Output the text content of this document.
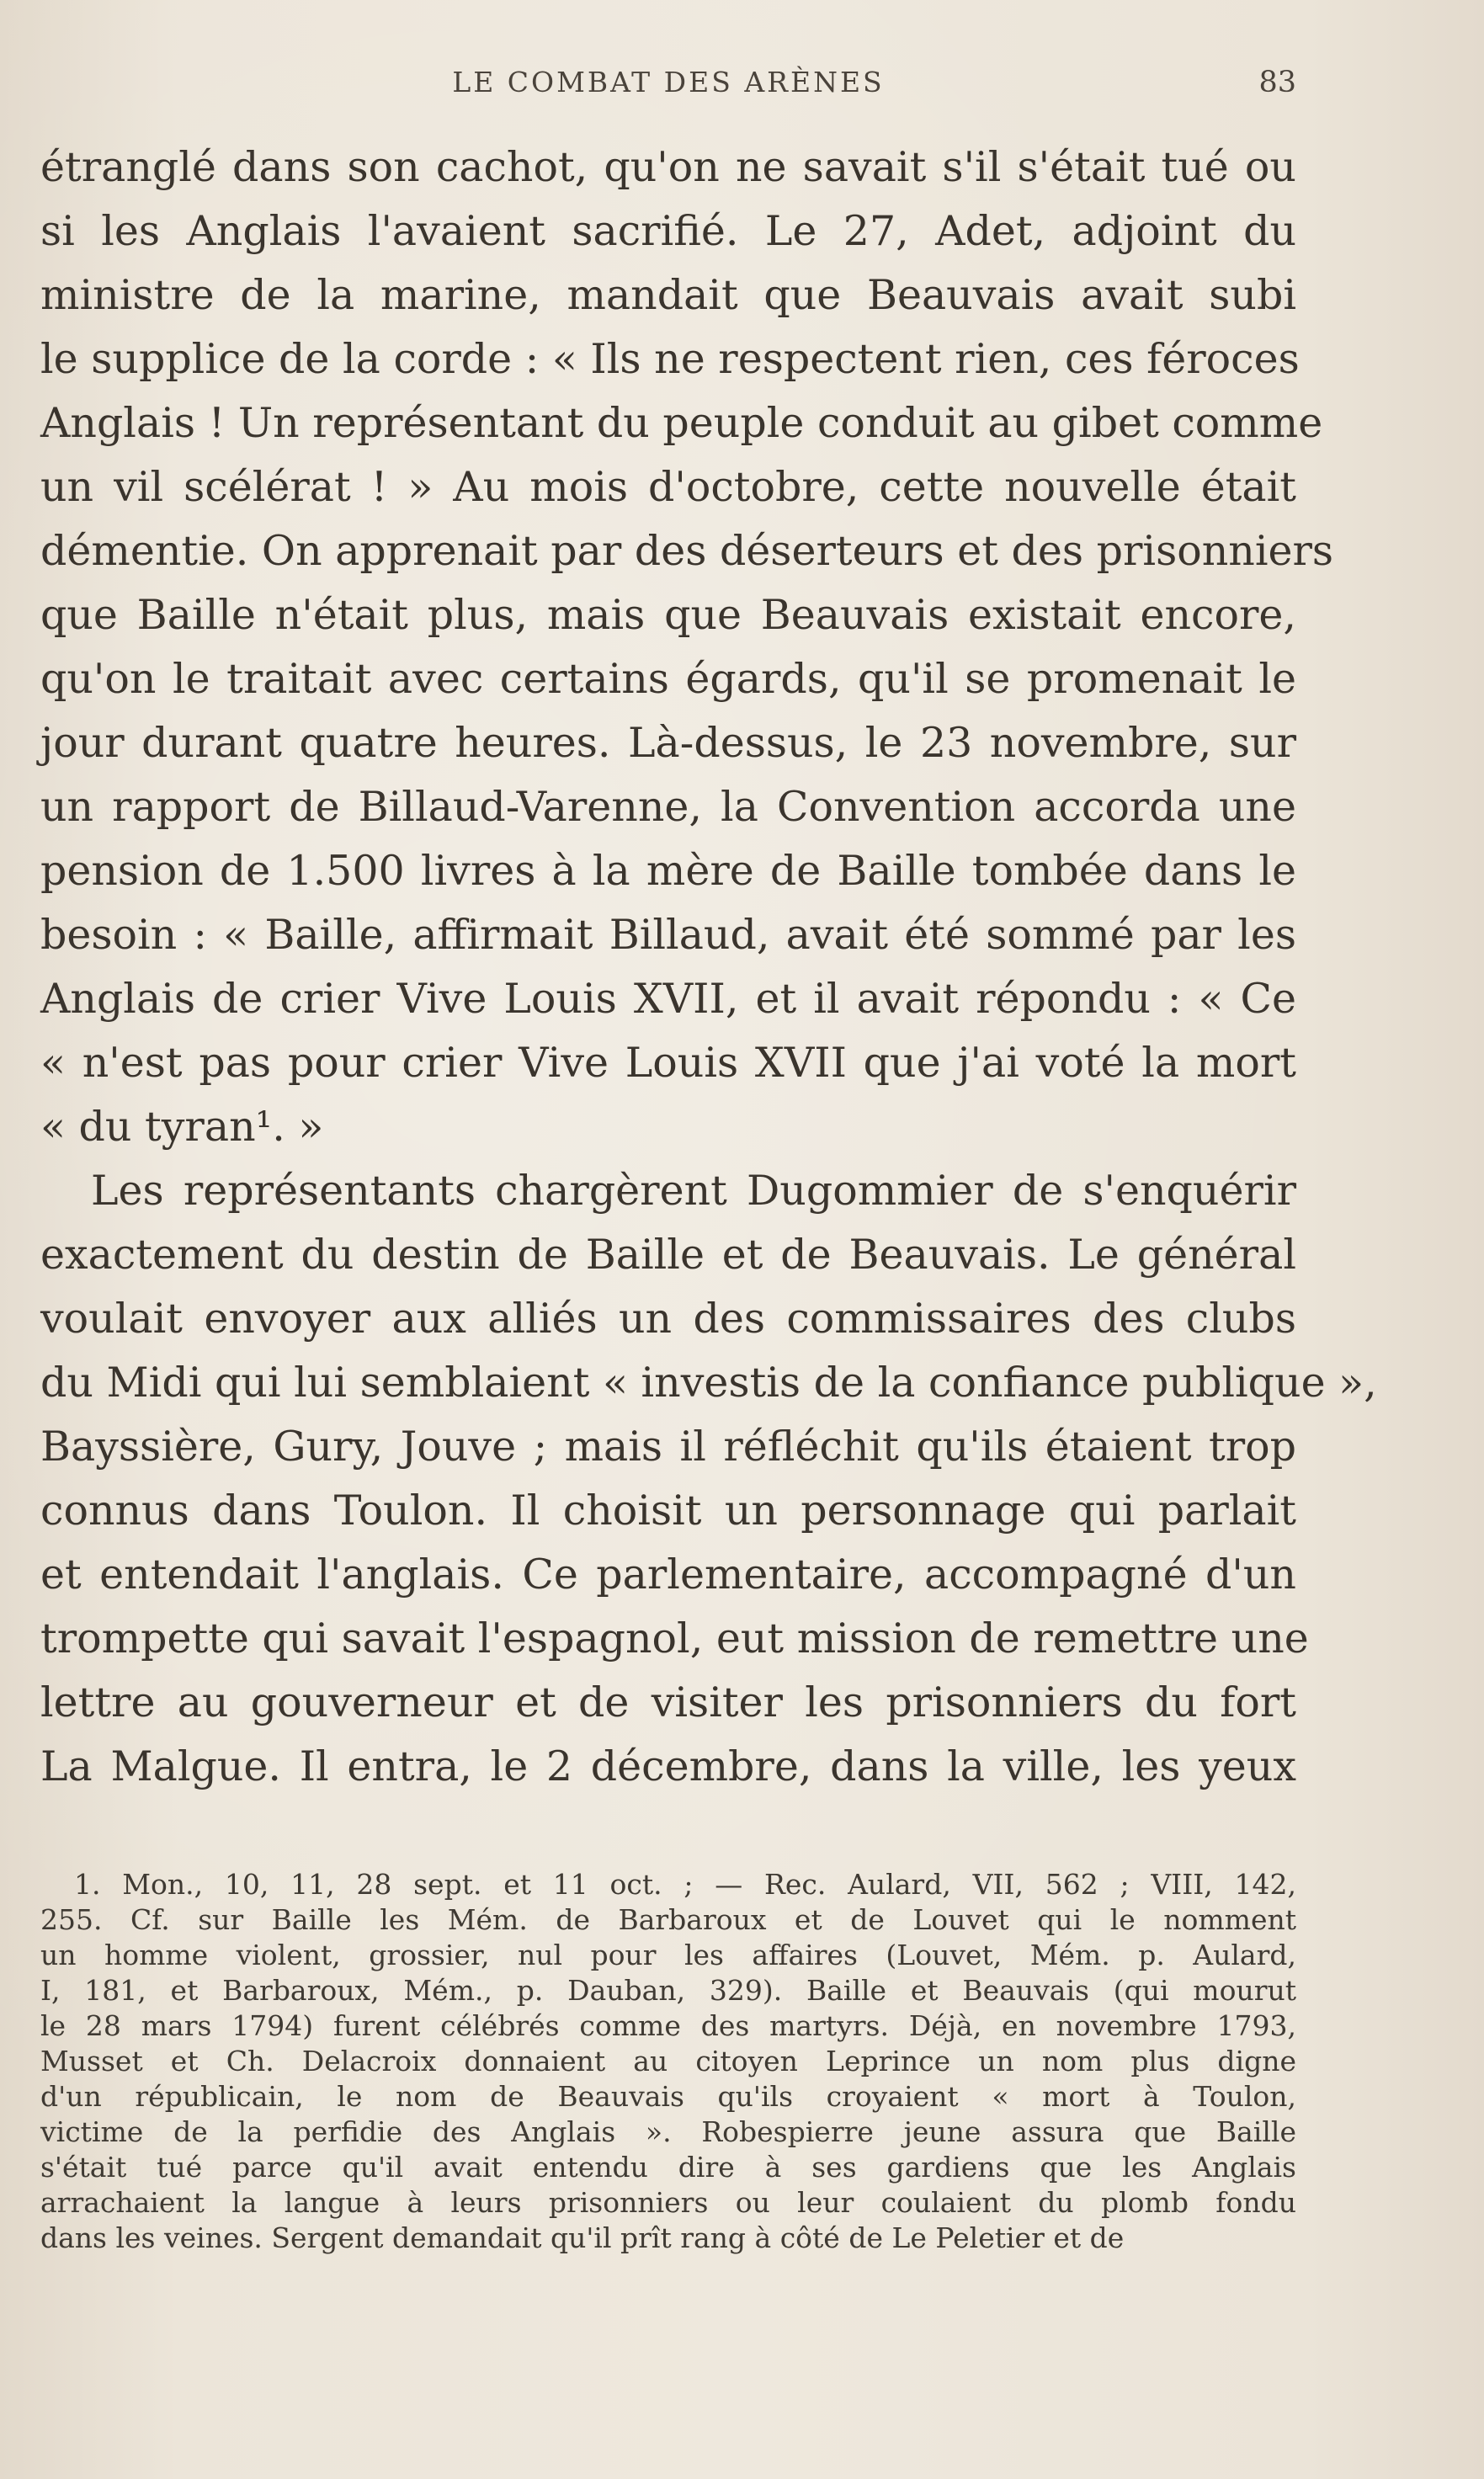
LE COMBAT DES ARÈNES	83
étranglé dans son cachot, qu'on ne savait s'il s'était tué ou
si les Anglais l'avaient sacrifié. Le 27, Adet, adjoint du
ministre de la marine, mandait que Beauvais avait subi
le supplice de la corde : « Ils ne respectent rien, ces féroces
Anglais ! Un représentant du peuple conduit au gibet comme
un vil scélérat ! » Au mois d'octobre, cette nouvelle était
démentie. On apprenait par des déserteurs et des prisonniers
que Baille n'était plus, mais que Beauvais existait encore,
qu'on le traitait avec certains égards, qu'il se promenait le
jour durant quatre heures. Là-dessus, le 23 novembre, sur
un rapport de Billaud-Varenne, la Convention accorda une
pension de 1.500 livres à la mère de Baille tombée dans le
besoin : « Baille, affirmait Billaud, avait été sommé par les
Anglais de crier Vive Louis XVII, et il avait répondu : « Ce
« n'est pas pour crier Vive Louis XVII que j'ai voté la mort
« du tyran¹. »
Les représentants chargèrent Dugommier de s'enquérir
exactement du destin de Baille et de Beauvais. Le général
voulait envoyer aux alliés un des commissaires des clubs
du Midi qui lui semblaient « investis de la confiance publique »,
Bayssière, Gury, Jouve ; mais il réfléchit qu'ils étaient trop
connus dans Toulon. Il choisit un personnage qui parlait
et entendait l'anglais. Ce parlementaire, accompagné d'un
trompette qui savait l'espagnol, eut mission de remettre une
lettre au gouverneur et de visiter les prisonniers du fort
La Malgue. Il entra, le 2 décembre, dans la ville, les yeux
1. Mon., 10, 11, 28 sept. et 11 oct. ; — Rec. Aulard, VII, 562 ; VIII, 142,
255. Cf. sur Baille les Mém. de Barbaroux et de Louvet qui le nomment
un homme violent, grossier, nul pour les affaires (Louvet, Mém. p. Aulard,
I, 181, et Barbaroux, Mém., p. Dauban, 329). Baille et Beauvais (qui mourut
le 28 mars 1794) furent célébrés comme des martyrs. Déjà, en novembre 1793,
Musset et Ch. Delacroix donnaient au citoyen Leprince un nom plus digne
d'un républicain, le nom de Beauvais qu'ils croyaient « mort à Toulon,
victime de la perfidie des Anglais ». Robespierre jeune assura que Baille
s'était tué parce qu'il avait entendu dire à ses gardiens que les Anglais
arrachaient la langue à leurs prisonniers ou leur coulaient du plomb fondu
dans les veines. Sergent demandait qu'il prît rang à côté de Le Peletier et de
